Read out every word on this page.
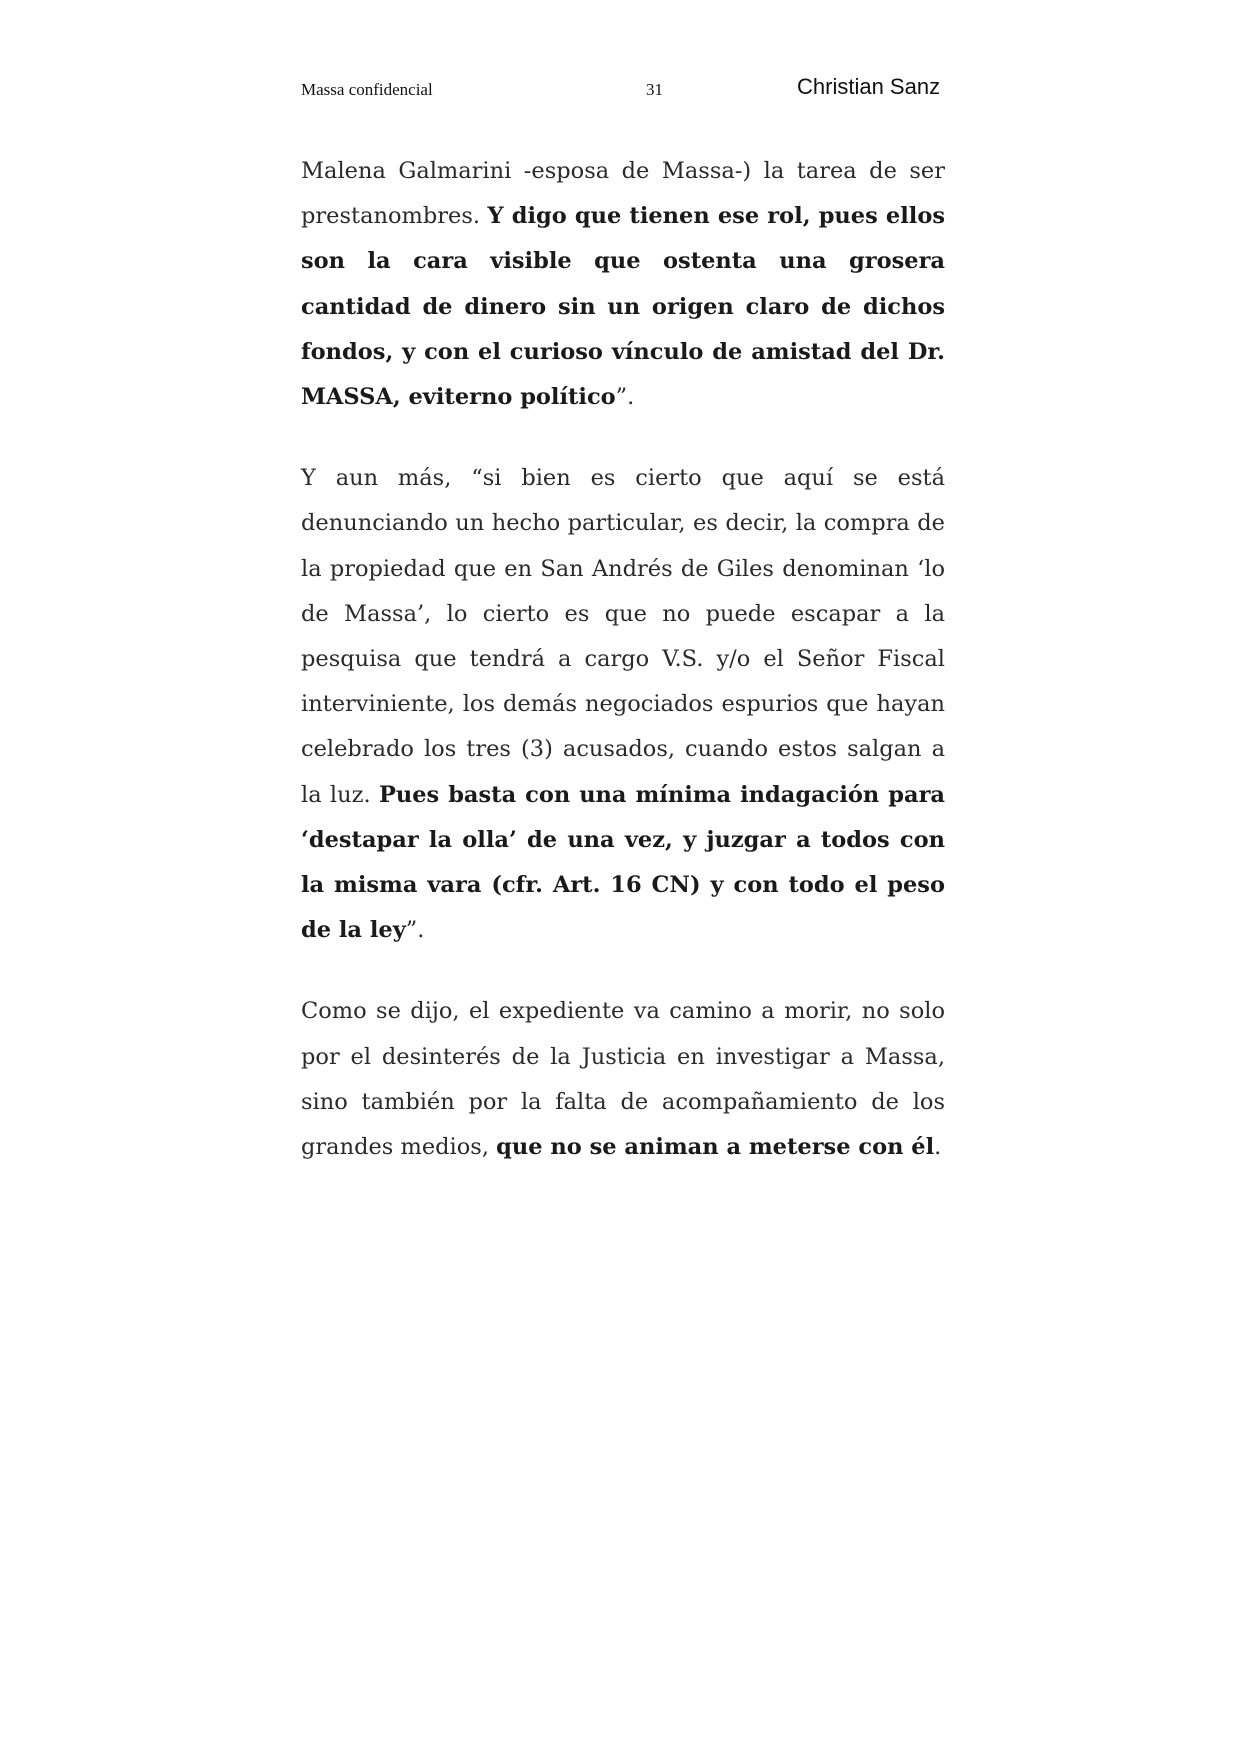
Massa confidencial	31	Christian Sanz

Malena Galmarini -esposa de Massa-) la tarea de ser prestanombres. Y digo que tienen ese rol, pues ellos son la cara visible que ostenta una grosera cantidad de dinero sin un origen claro de dichos fondos, y con el curioso vínculo de amistad del Dr. MASSA, eviterno político”.

Y aun más, “si bien es cierto que aquí se está denunciando un hecho particular, es decir, la compra de la propiedad que en San Andrés de Giles denominan ‘lo de Massa’, lo cierto es que no puede escapar a la pesquisa que tendrá a cargo V.S. y/o el Señor Fiscal interviniente, los demás negociados espurios que hayan celebrado los tres (3) acusados, cuando estos salgan a la luz. Pues basta con una mínima indagación para ‘destapar la olla’ de una vez, y juzgar a todos con la misma vara (cfr. Art. 16 CN) y con todo el peso de la ley”.

Como se dijo, el expediente va camino a morir, no solo por el desinterés de la Justicia en investigar a Massa, sino también por la falta de acompañamiento de los grandes medios, que no se animan a meterse con él.
